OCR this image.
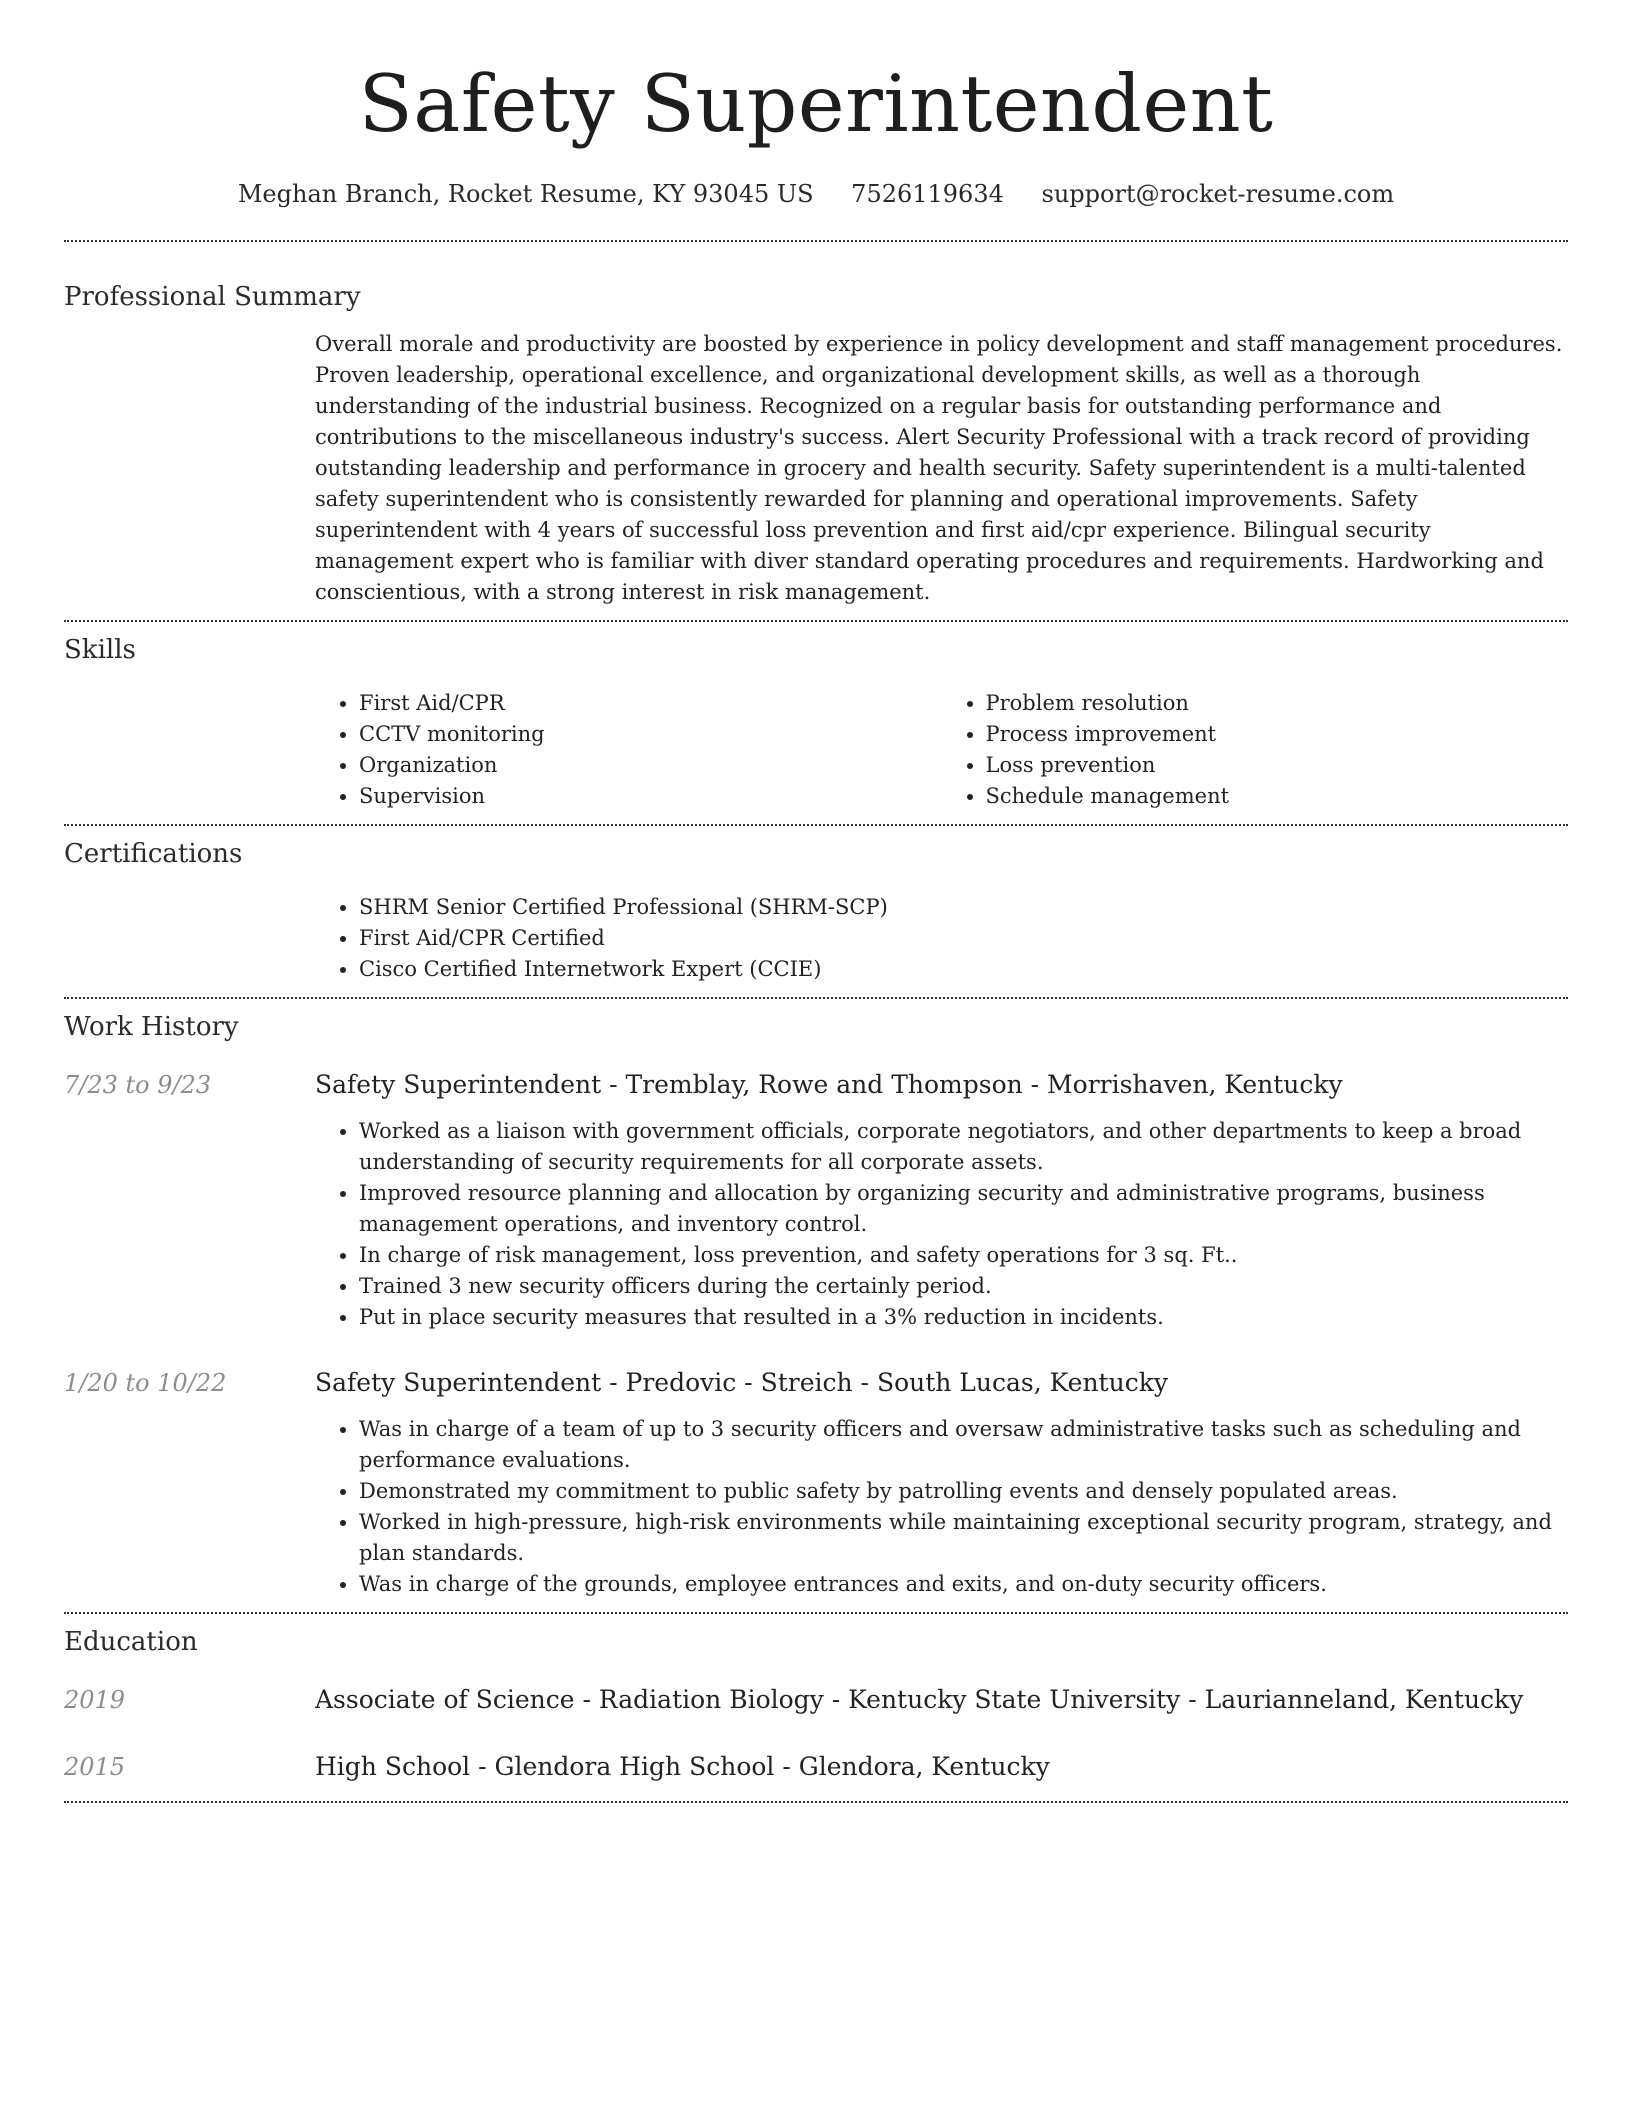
Safety Superintendent
Meghan Branch, Rocket Resume, KY 93045 US 7526119634 support@rocket-resume.com
Professional Summary

Overall morale and productivity are boosted by experience in policy development and staff management procedures. Proven leadership, operational excellence, and organizational development skills, as well as a thorough understanding of the industrial business. Recognized on a regular basis for outstanding performance and contributions to the miscellaneous industry's success. Alert Security Professional with a track record of providing outstanding leadership and performance in grocery and health security. Safety superintendent is a multi-talented safety superintendent who is consistently rewarded for planning and operational improvements. Safety superintendent with 4 years of successful loss prevention and first aid/cpr experience. Bilingual security management expert who is familiar with diver standard operating procedures and requirements. Hardworking and conscientious, with a strong interest in risk management.

Skills
• First Aid/CPR
• CCTV monitoring
• Organization
• Supervision
• Problem resolution
• Process improvement
• Loss prevention
• Schedule management
Certifications
• SHRM Senior Certified Professional (SHRM-SCP)
• First Aid/CPR Certified
• Cisco Certified Internetwork Expert (CCIE)
Work History
7/23 to 9/23	Safety Superintendent - Tremblay, Rowe and Thompson - Morrishaven, Kentucky
• Worked as a liaison with government officials, corporate negotiators, and other departments to keep a broad understanding of security requirements for all corporate assets.
• Improved resource planning and allocation by organizing security and administrative programs, business management operations, and inventory control.
• In charge of risk management, loss prevention, and safety operations for 3 sq. Ft..
• Trained 3 new security officers during the certainly period.
• Put in place security measures that resulted in a 3% reduction in incidents.
1/20 to 10/22	Safety Superintendent - Predovic - Streich - South Lucas, Kentucky
• Was in charge of a team of up to 3 security officers and oversaw administrative tasks such as scheduling and performance evaluations.
• Demonstrated my commitment to public safety by patrolling events and densely populated areas.
• Worked in high-pressure, high-risk environments while maintaining exceptional security program, strategy, and plan standards.
• Was in charge of the grounds, employee entrances and exits, and on-duty security officers.
Education
2019	Associate of Science - Radiation Biology - Kentucky State University - Laurianneland, Kentucky
2015	High School - Glendora High School - Glendora, Kentucky
